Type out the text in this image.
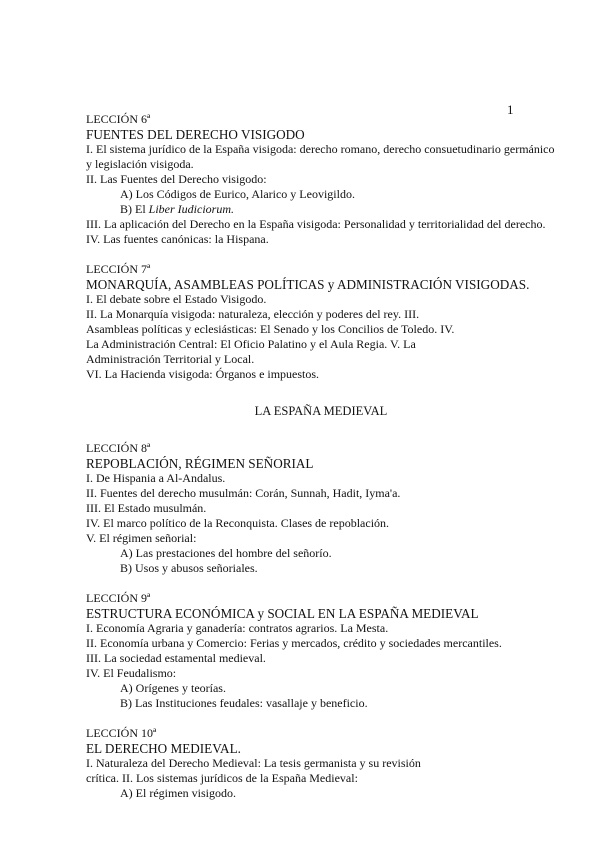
1
LECCIÓN 6ª
FUENTES DEL DERECHO VISIGODO
I. El sistema jurídico de la España visigoda: derecho romano, derecho consuetudinario germánico y legislación visigoda.
II. Las Fuentes del Derecho visigodo:
A) Los Códigos de Eurico, Alarico y Leovigildo.
B) El Liber Iudiciorum.
III. La aplicación del Derecho en la España visigoda: Personalidad y territorialidad del derecho.
IV. Las fuentes canónicas: la Hispana.
LECCIÓN 7ª
MONARQUÍA, ASAMBLEAS POLÍTICAS y ADMINISTRACIÓN VISIGODAS.
I. El debate sobre el Estado Visigodo.
II. La Monarquía visigoda: naturaleza, elección y poderes del rey. III.
Asambleas políticas y eclesiásticas: El Senado y los Concilios de Toledo. IV.
La Administración Central: El Oficio Palatino y el Aula Regia. V. La
Administración Territorial y Local.
VI. La Hacienda visigoda: Órganos e impuestos.
LA ESPAÑA MEDIEVAL
LECCIÓN 8ª
REPOBLACIÓN, RÉGIMEN SEÑORIAL
I. De Hispania a Al-Andalus.
II. Fuentes del derecho musulmán: Corán, Sunnah, Hadit, Iyma'a.
III. El Estado musulmán.
IV. El marco político de la Reconquista. Clases de repoblación.
V. El régimen señorial:
A) Las prestaciones del hombre del señorío.
B) Usos y abusos señoriales.
LECCIÓN 9ª
ESTRUCTURA ECONÓMICA y SOCIAL EN LA ESPAÑA MEDIEVAL
I. Economía Agraria y ganadería: contratos agrarios. La Mesta.
II. Economía urbana y Comercio: Ferias y mercados, crédito y sociedades mercantiles.
III. La sociedad estamental medieval.
IV. El Feudalismo:
A) Orígenes y teorías.
B) Las Instituciones feudales: vasallaje y beneficio.
LECCIÓN 10ª
EL DERECHO MEDIEVAL.
I. Naturaleza del Derecho Medieval: La tesis germanista y su revisión
crítica. II. Los sistemas jurídicos de la España Medieval:
A) El régimen visigodo.
